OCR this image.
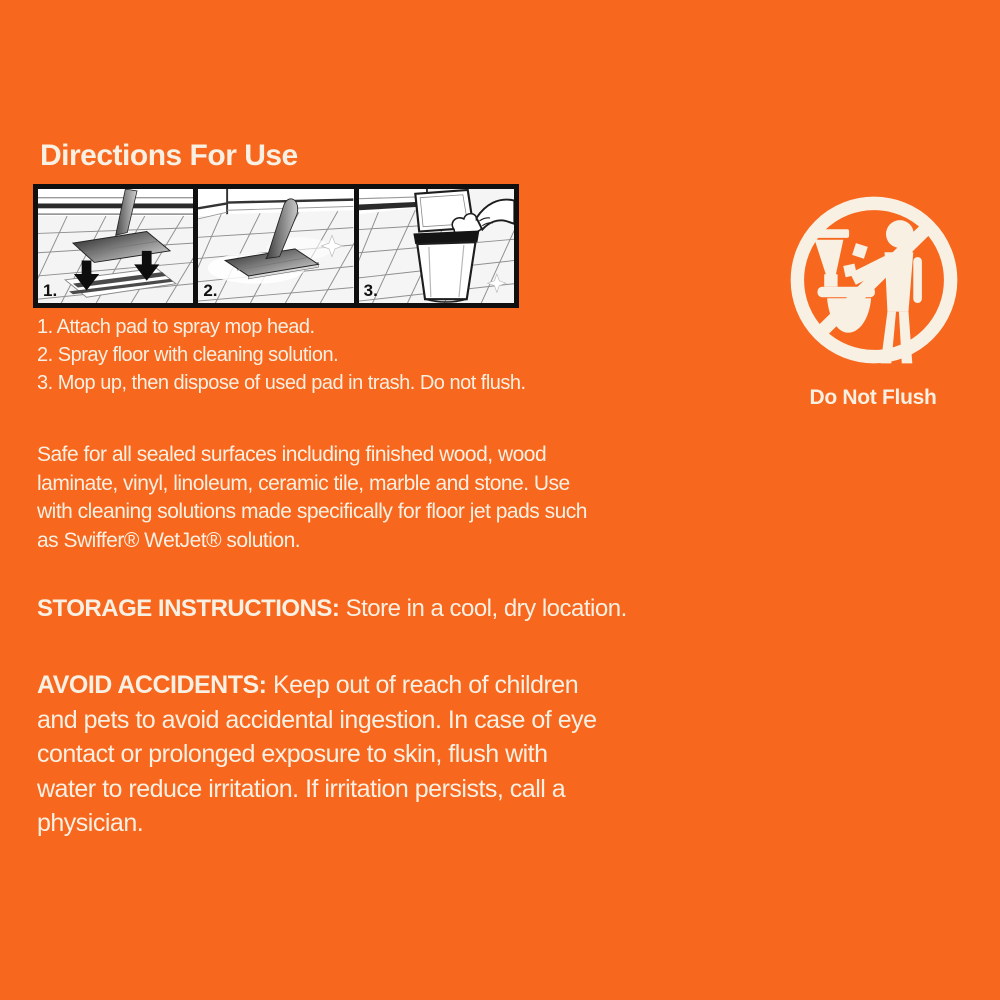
Directions For Use
1.	2.	3.
1. Attach pad to spray mop head.
2. Spray floor with cleaning solution.
3. Mop up, then dispose of used pad in trash. Do not flush.
Safe for all sealed surfaces including finished wood, wood
laminate, vinyl, linoleum, ceramic tile, marble and stone. Use
with cleaning solutions made specifically for floor jet pads such
as Swiffer® WetJet® solution.
STORAGE INSTRUCTIONS: Store in a cool, dry location.
AVOID ACCIDENTS: Keep out of reach of children
and pets to avoid accidental ingestion. In case of eye
contact or prolonged exposure to skin, flush with
water to reduce irritation. If irritation persists, call a
physician.
Do Not Flush
